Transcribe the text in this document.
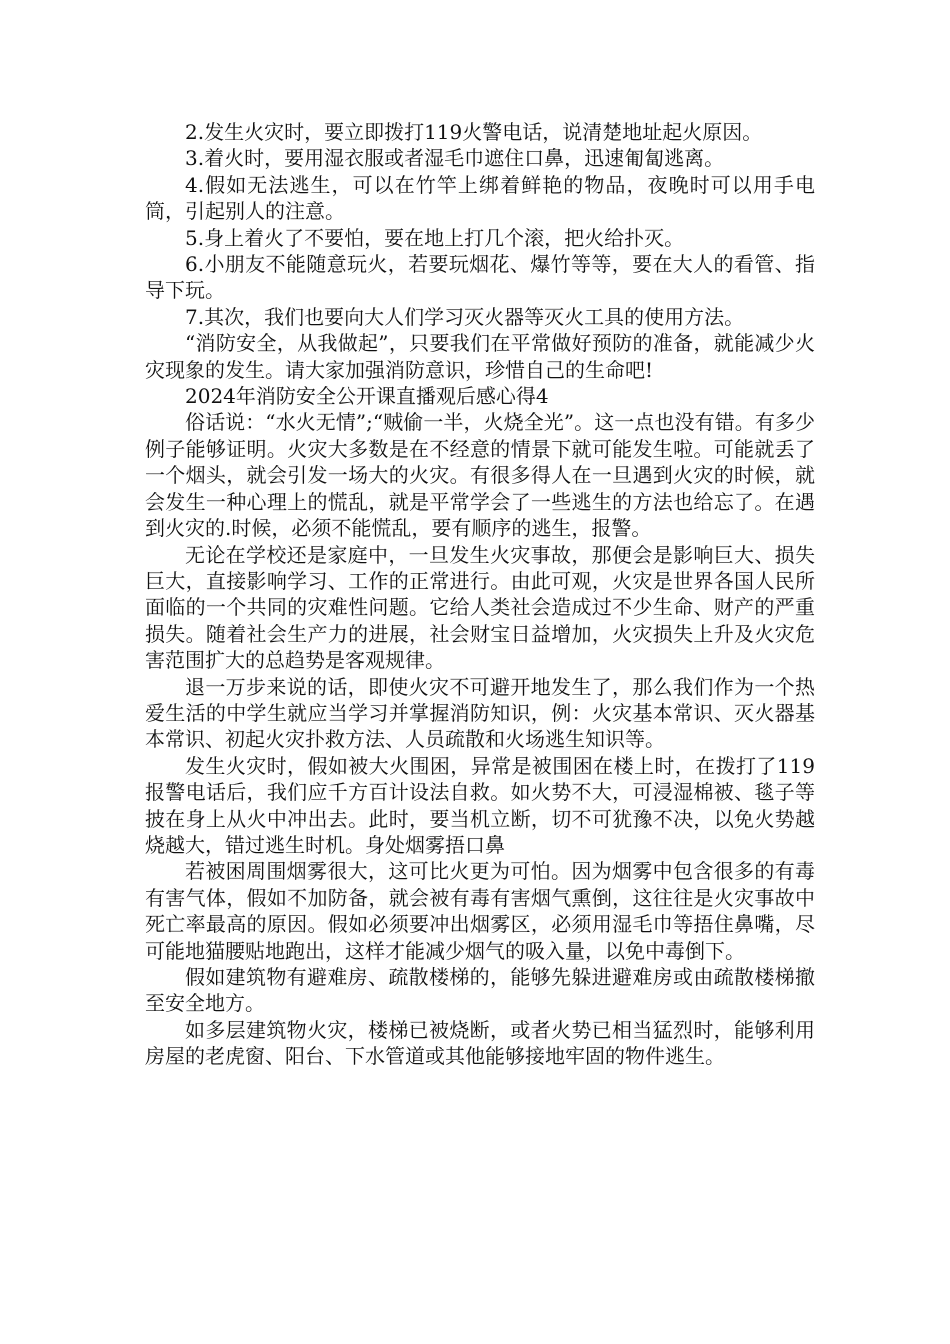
2.发生火灾时，要立即拨打119火警电话，说清楚地址起火原因。

3.着火时，要用湿衣服或者湿毛巾遮住口鼻，迅速匍匐逃离。

4.假如无法逃生，可以在竹竿上绑着鲜艳的物品，夜晚时可以用手电筒，引起别人的注意。

5.身上着火了不要怕，要在地上打几个滚，把火给扑灭。

6.小朋友不能随意玩火，若要玩烟花、爆竹等等，要在大人的看管、指导下玩。

7.其次，我们也要向大人们学习灭火器等灭火工具的使用方法。

“消防安全，从我做起”，只要我们在平常做好预防的准备，就能减少火灾现象的发生。请大家加强消防意识，珍惜自己的生命吧!

2024年消防安全公开课直播观后感心得4

俗话说：“水火无情”;“贼偷一半，火烧全光”。这一点也没有错。有多少例子能够证明。火灾大多数是在不经意的情景下就可能发生啦。可能就丢了一个烟头，就会引发一场大的火灾。有很多得人在一旦遇到火灾的时候，就会发生一种心理上的慌乱，就是平常学会了一些逃生的方法也给忘了。在遇到火灾的.时候，必须不能慌乱，要有顺序的逃生，报警。

无论在学校还是家庭中，一旦发生火灾事故，那便会是影响巨大、损失巨大，直接影响学习、工作的正常进行。由此可观，火灾是世界各国人民所面临的一个共同的灾难性问题。它给人类社会造成过不少生命、财产的严重损失。随着社会生产力的进展，社会财宝日益增加，火灾损失上升及火灾危害范围扩大的总趋势是客观规律。

退一万步来说的话，即使火灾不可避开地发生了，那么我们作为一个热爱生活的中学生就应当学习并掌握消防知识，例：火灾基本常识、灭火器基本常识、初起火灾扑救方法、人员疏散和火场逃生知识等。

发生火灾时，假如被大火围困，异常是被围困在楼上时，在拨打了119报警电话后，我们应千方百计设法自救。如火势不大，可浸湿棉被、毯子等披在身上从火中冲出去。此时，要当机立断，切不可犹豫不决，以免火势越烧越大，错过逃生时机。身处烟雾捂口鼻

若被困周围烟雾很大，这可比火更为可怕。因为烟雾中包含很多的有毒有害气体，假如不加防备，就会被有毒有害烟气熏倒，这往往是火灾事故中死亡率最高的原因。假如必须要冲出烟雾区，必须用湿毛巾等捂住鼻嘴，尽可能地猫腰贴地跑出，这样才能减少烟气的吸入量，以免中毒倒下。

假如建筑物有避难房、疏散楼梯的，能够先躲进避难房或由疏散楼梯撤至安全地方。

如多层建筑物火灾，楼梯已被烧断，或者火势已相当猛烈时，能够利用房屋的老虎窗、阳台、下水管道或其他能够接地牢固的物件逃生。
